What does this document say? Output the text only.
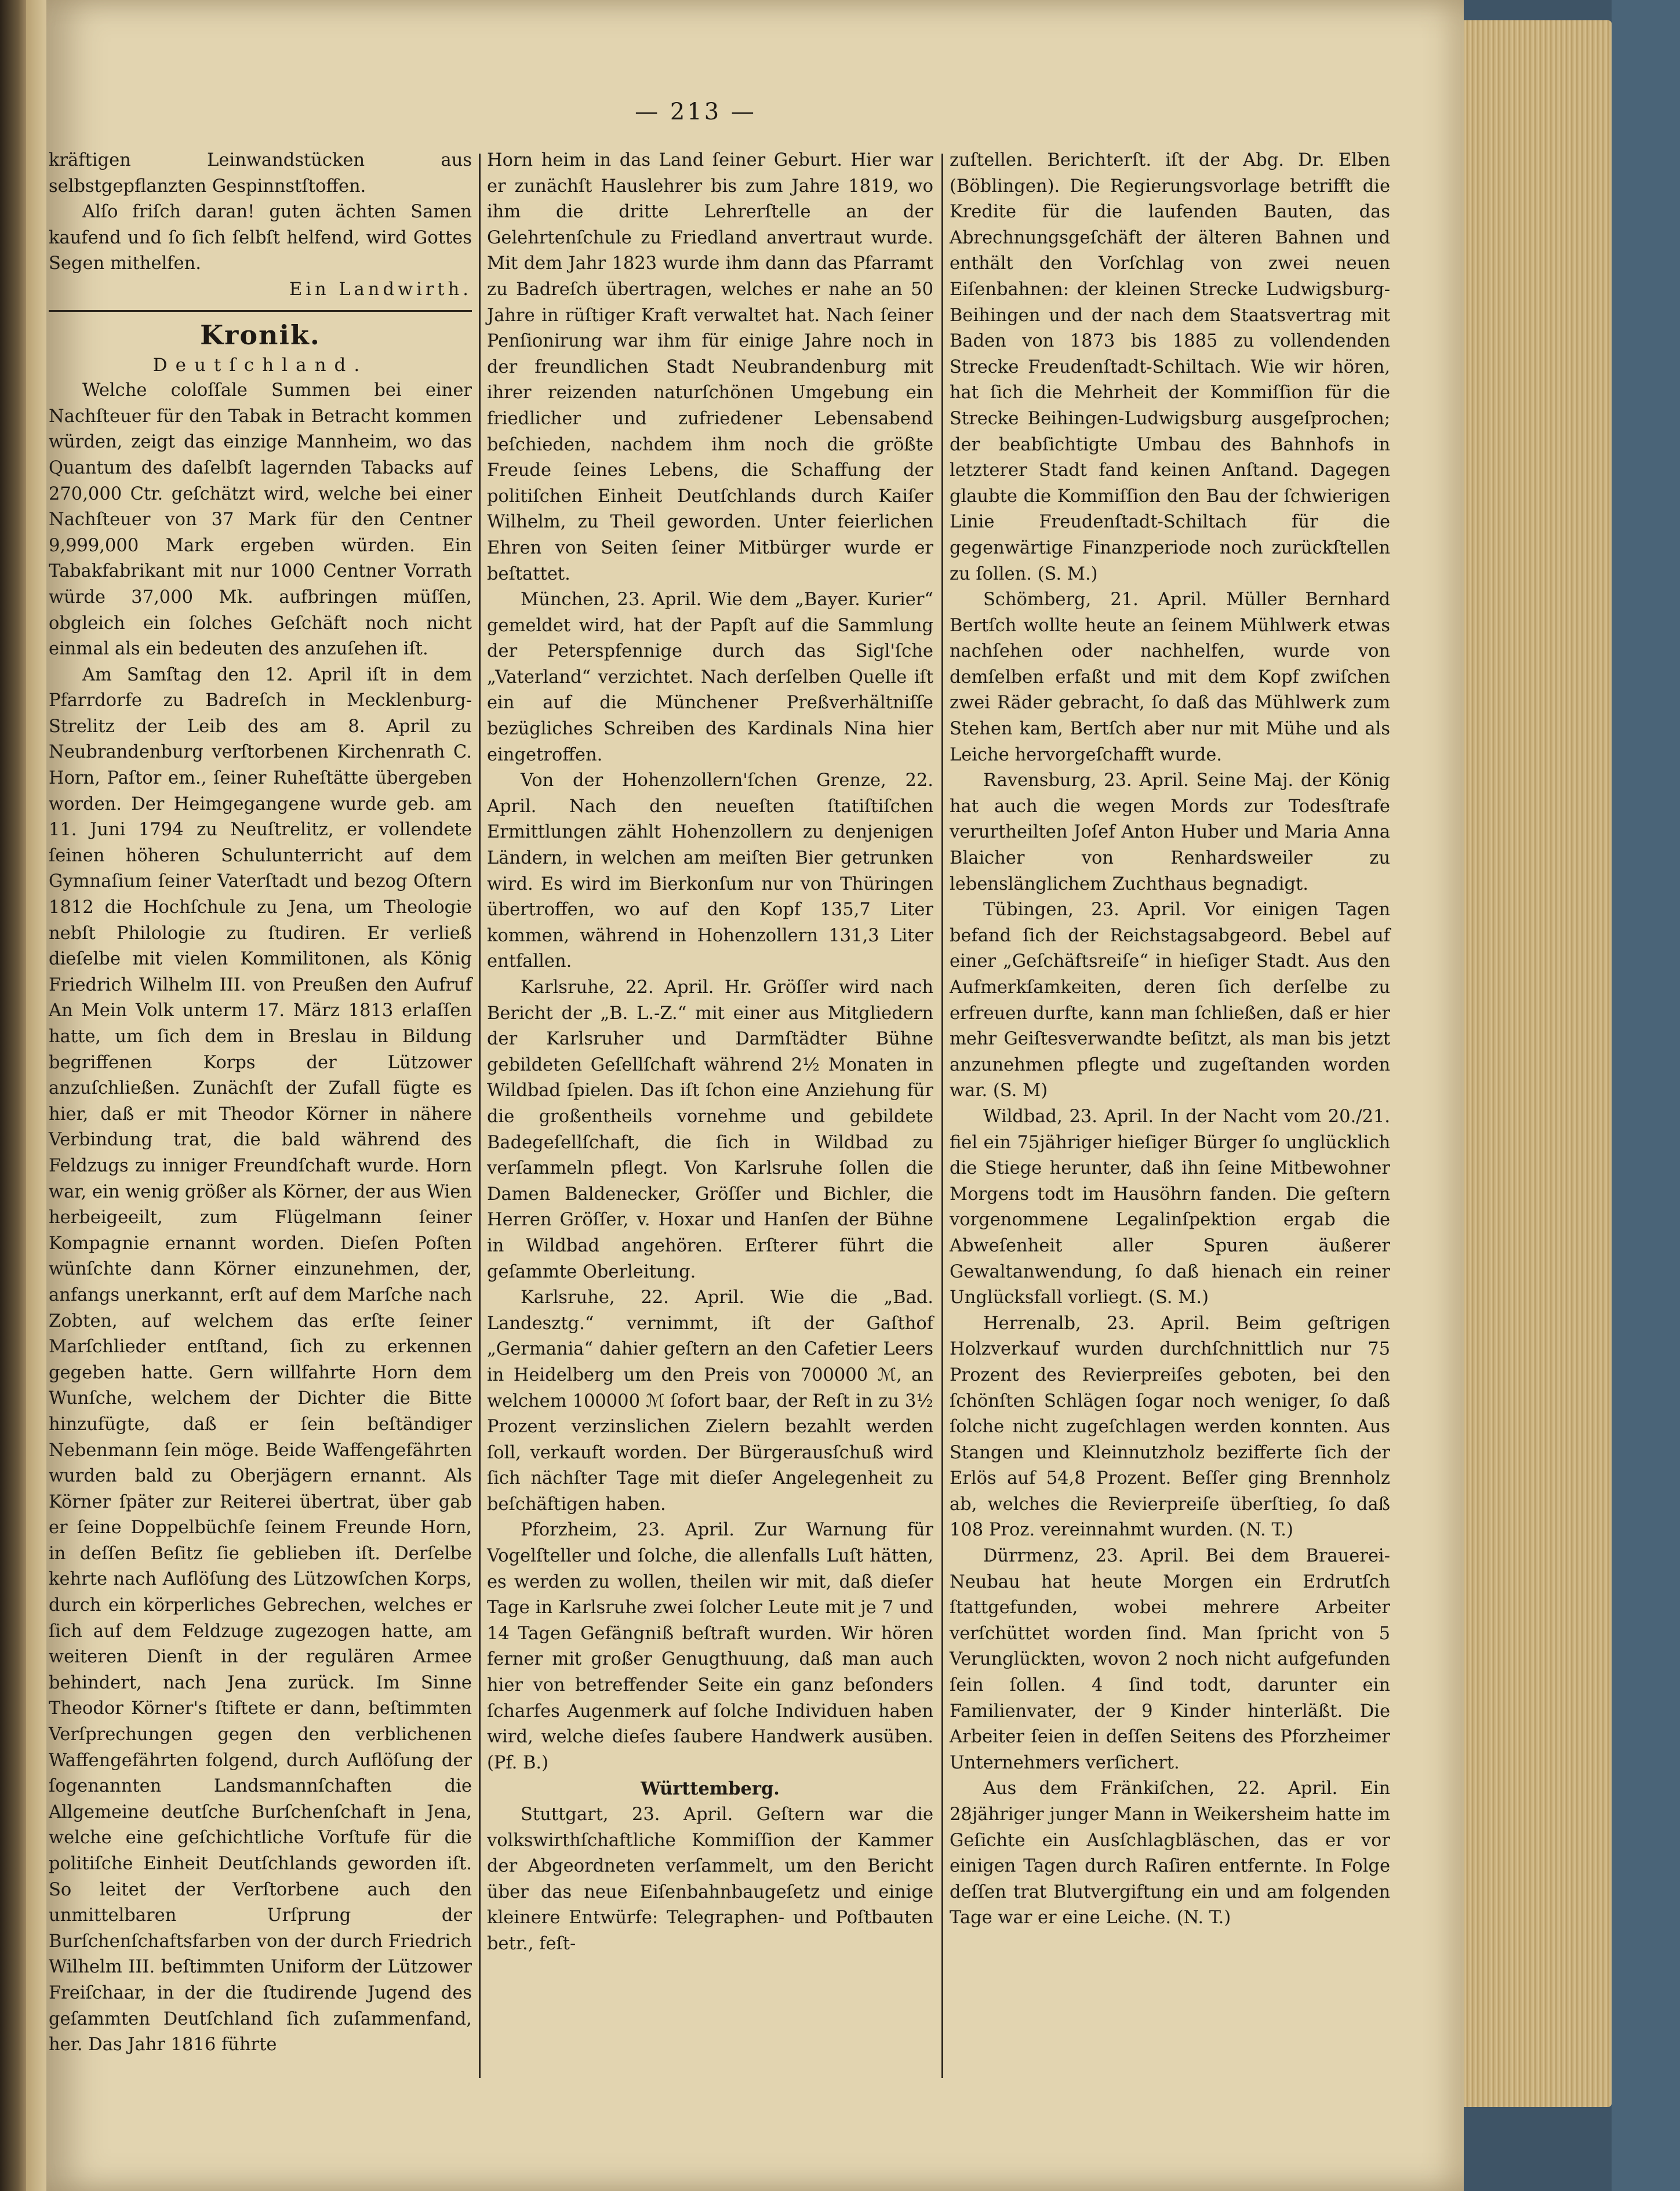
— 213 —

kräftigen Leinwandstücken aus selbstgepflanzten Gespinnstſtoffen.

Alſo friſch daran! guten ächten Samen kaufend und ſo ſich ſelbſt helfend, wird Gottes Segen mithelfen.

Ein Landwirth.

Kronik.
Deutſchland.

Welche coloſſale Summen bei einer Nachſteuer für den Tabak in Betracht kommen würden, zeigt das einzige Mannheim, wo das Quantum des daſelbſt lagernden Tabacks auf 270,000 Ctr. geſchätzt wird, welche bei einer Nachſteuer von 37 Mark für den Centner 9,999,000 Mark ergeben würden. Ein Tabakfabrikant mit nur 1000 Centner Vorrath würde 37,000 Mk. aufbringen müſſen, obgleich ein ſolches Geſchäft noch nicht einmal als ein bedeuten des anzuſehen iſt.

Am Samſtag den 12. April iſt in dem Pfarrdorfe zu Badreſch in Mecklenburg-Strelitz der Leib des am 8. April zu Neubrandenburg verſtorbenen Kirchenrath C. Horn, Paſtor em., ſeiner Ruheſtätte übergeben worden. Der Heimgegangene wurde geb. am 11. Juni 1794 zu Neuſtrelitz, er vollendete ſeinen höheren Schulunterricht auf dem Gymnaſium ſeiner Vaterſtadt und bezog Oſtern 1812 die Hochſchule zu Jena, um Theologie nebſt Philologie zu ſtudiren. Er verließ dieſelbe mit vielen Kommilitonen, als König Friedrich Wilhelm III. von Preußen den Aufruf An Mein Volk unterm 17. März 1813 erlaſſen hatte, um ſich dem in Breslau in Bildung begriffenen Korps der Lützower anzuſchließen. Zunächſt der Zufall fügte es hier, daß er mit Theodor Körner in nähere Verbindung trat, die bald während des Feldzugs zu inniger Freundſchaft wurde. Horn war, ein wenig größer als Körner, der aus Wien herbeigeeilt, zum Flügelmann ſeiner Kompagnie ernannt worden. Dieſen Poſten wünſchte dann Körner einzunehmen, der, anfangs unerkannt, erſt auf dem Marſche nach Zobten, auf welchem das erſte ſeiner Marſchlieder entſtand, ſich zu erkennen gegeben hatte. Gern willfahrte Horn dem Wunſche, welchem der Dichter die Bitte hinzufügte, daß er ſein beſtändiger Nebenmann ſein möge. Beide Waffengefährten wurden bald zu Oberjägern ernannt. Als Körner ſpäter zur Reiterei übertrat, über gab er ſeine Doppelbüchſe ſeinem Freunde Horn, in deſſen Beſitz ſie geblieben iſt. Derſelbe kehrte nach Auflöſung des Lützowſchen Korps, durch ein körperliches Gebrechen, welches er ſich auf dem Feldzuge zugezogen hatte, am weiteren Dienſt in der regulären Armee behindert, nach Jena zurück. Im Sinne Theodor Körner's ſtiftete er dann, beſtimmten Verſprechungen gegen den verblichenen Waffengefährten folgend, durch Auflöſung der ſogenannten Landsmannſchaften die Allgemeine deutſche Burſchenſchaft in Jena, welche eine geſchichtliche Vorſtufe für die politiſche Einheit Deutſchlands geworden iſt. So leitet der Verſtorbene auch den unmittelbaren Urſprung der Burſchenſchaftsfarben von der durch Friedrich Wilhelm III. beſtimmten Uniform der Lützower Freiſchaar, in der die ſtudirende Jugend des geſammten Deutſchland ſich zuſammenfand, her. Das Jahr 1816 führte

Horn heim in das Land ſeiner Geburt. Hier war er zunächſt Hauslehrer bis zum Jahre 1819, wo ihm die dritte Lehrerſtelle an der Gelehrtenſchule zu Friedland anvertraut wurde. Mit dem Jahr 1823 wurde ihm dann das Pfarramt zu Badreſch übertragen, welches er nahe an 50 Jahre in rüſtiger Kraft verwaltet hat. Nach ſeiner Penſionirung war ihm für einige Jahre noch in der freundlichen Stadt Neubrandenburg mit ihrer reizenden naturſchönen Umgebung ein friedlicher und zufriedener Lebensabend beſchieden, nachdem ihm noch die größte Freude ſeines Lebens, die Schaffung der politiſchen Einheit Deutſchlands durch Kaiſer Wilhelm, zu Theil geworden. Unter feierlichen Ehren von Seiten ſeiner Mitbürger wurde er beſtattet.

München, 23. April. Wie dem „Bayer. Kurier“ gemeldet wird, hat der Papſt auf die Sammlung der Peterspfennige durch das Sigl'ſche „Vaterland“ verzichtet. Nach derſelben Quelle iſt ein auf die Münchener Preßverhältniſſe bezügliches Schreiben des Kardinals Nina hier eingetroffen.

Von der Hohenzollern'ſchen Grenze, 22. April. Nach den neueſten ſtatiſtiſchen Ermittlungen zählt Hohenzollern zu denjenigen Ländern, in welchen am meiſten Bier getrunken wird. Es wird im Bierkonſum nur von Thüringen übertroffen, wo auf den Kopf 135,7 Liter kommen, während in Hohenzollern 131,3 Liter entfallen.

Karlsruhe, 22. April. Hr. Gröſſer wird nach Bericht der „B. L.-Z.“ mit einer aus Mitgliedern der Karlsruher und Darmſtädter Bühne gebildeten Geſellſchaft während 2½ Monaten in Wildbad ſpielen. Das iſt ſchon eine Anziehung für die großentheils vornehme und gebildete Badegeſellſchaft, die ſich in Wildbad zu verſammeln pflegt. Von Karlsruhe ſollen die Damen Baldenecker, Gröſſer und Bichler, die Herren Gröſſer, v. Hoxar und Hanſen der Bühne in Wildbad angehören. Erſterer führt die geſammte Oberleitung.

Karlsruhe, 22. April. Wie die „Bad. Landesztg.“ vernimmt, iſt der Gaſthof „Germania“ dahier geſtern an den Cafetier Leers in Heidelberg um den Preis von 700000 ℳ, an welchem 100000 ℳ ſofort baar, der Reſt in zu 3½ Prozent verzinslichen Zielern bezahlt werden ſoll, verkauft worden. Der Bürgerausſchuß wird ſich nächſter Tage mit dieſer Angelegenheit zu beſchäftigen haben.

Pforzheim, 23. April. Zur Warnung für Vogelſteller und ſolche, die allenfalls Luſt hätten, es werden zu wollen, theilen wir mit, daß dieſer Tage in Karlsruhe zwei ſolcher Leute mit je 7 und 14 Tagen Gefängniß beſtraft wurden. Wir hören ferner mit großer Genugthuung, daß man auch hier von betreffender Seite ein ganz beſonders ſcharfes Augenmerk auf ſolche Individuen haben wird, welche dieſes ſaubere Handwerk ausüben. (Pf. B.)

Württemberg.

Stuttgart, 23. April. Geſtern war die volkswirthſchaftliche Kommiſſion der Kammer der Abgeordneten verſammelt, um den Bericht über das neue Eiſenbahnbaugeſetz und einige kleinere Entwürfe: Telegraphen- und Poſtbauten betr., feſt-

zuſtellen. Berichterſt. iſt der Abg. Dr. Elben (Böblingen). Die Regierungsvorlage betrifft die Kredite für die laufenden Bauten, das Abrechnungsgeſchäft der älteren Bahnen und enthält den Vorſchlag von zwei neuen Eiſenbahnen: der kleinen Strecke Ludwigsburg-Beihingen und der nach dem Staatsvertrag mit Baden von 1873 bis 1885 zu vollendenden Strecke Freudenſtadt-Schiltach. Wie wir hören, hat ſich die Mehrheit der Kommiſſion für die Strecke Beihingen-Ludwigsburg ausgeſprochen; der beabſichtigte Umbau des Bahnhofs in letzterer Stadt fand keinen Anſtand. Dagegen glaubte die Kommiſſion den Bau der ſchwierigen Linie Freudenſtadt-Schiltach für die gegenwärtige Finanzperiode noch zurückſtellen zu ſollen. (S. M.)

Schömberg, 21. April. Müller Bernhard Bertſch wollte heute an ſeinem Mühlwerk etwas nachſehen oder nachhelfen, wurde von demſelben erfaßt und mit dem Kopf zwiſchen zwei Räder gebracht, ſo daß das Mühlwerk zum Stehen kam, Bertſch aber nur mit Mühe und als Leiche hervorgeſchafft wurde.

Ravensburg, 23. April. Seine Maj. der König hat auch die wegen Mords zur Todesſtrafe verurtheilten Joſef Anton Huber und Maria Anna Blaicher von Renhardsweiler zu lebenslänglichem Zuchthaus begnadigt.

Tübingen, 23. April. Vor einigen Tagen befand ſich der Reichstagsabgeord. Bebel auf einer „Geſchäftsreiſe“ in hieſiger Stadt. Aus den Aufmerkſamkeiten, deren ſich derſelbe zu erfreuen durfte, kann man ſchließen, daß er hier mehr Geiſtesverwandte beſitzt, als man bis jetzt anzunehmen pflegte und zugeſtanden worden war. (S. M)

Wildbad, 23. April. In der Nacht vom 20./21. fiel ein 75jähriger hieſiger Bürger ſo unglücklich die Stiege herunter, daß ihn ſeine Mitbewohner Morgens todt im Hausöhrn fanden. Die geſtern vorgenommene Legalinſpektion ergab die Abweſenheit aller Spuren äußerer Gewaltanwendung, ſo daß hienach ein reiner Unglücksfall vorliegt. (S. M.)

Herrenalb, 23. April. Beim geſtrigen Holzverkauf wurden durchſchnittlich nur 75 Prozent des Revierpreiſes geboten, bei den ſchönſten Schlägen ſogar noch weniger, ſo daß ſolche nicht zugeſchlagen werden konnten. Aus Stangen und Kleinnutzholz bezifferte ſich der Erlös auf 54,8 Prozent. Beſſer ging Brennholz ab, welches die Revierpreiſe überſtieg, ſo daß 108 Proz. vereinnahmt wurden. (N. T.)

Dürrmenz, 23. April. Bei dem Brauerei-Neubau hat heute Morgen ein Erdrutſch ſtattgefunden, wobei mehrere Arbeiter verſchüttet worden ſind. Man ſpricht von 5 Verunglückten, wovon 2 noch nicht aufgefunden ſein ſollen. 4 ſind todt, darunter ein Familienvater, der 9 Kinder hinterläßt. Die Arbeiter ſeien in deſſen Seitens des Pforzheimer Unternehmers verſichert.

Aus dem Fränkiſchen, 22. April. Ein 28jähriger junger Mann in Weikersheim hatte im Geſichte ein Ausſchlagbläschen, das er vor einigen Tagen durch Raſiren entfernte. In Folge deſſen trat Blutvergiftung ein und am folgenden Tage war er eine Leiche. (N. T.)
